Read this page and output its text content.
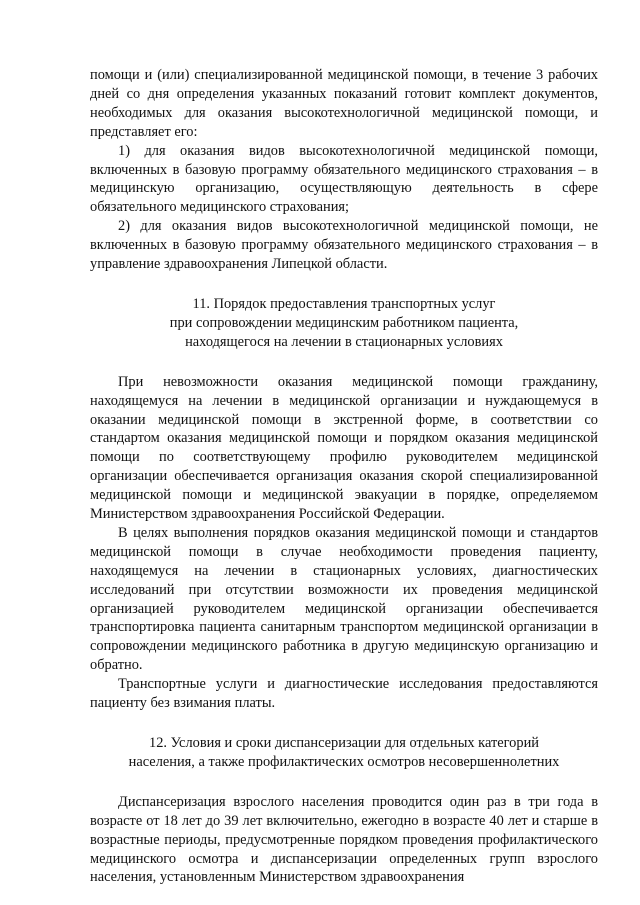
помощи и (или) специализированной медицинской помощи, в течение 3 рабочих дней со дня определения указанных показаний готовит комплект документов, необходимых для оказания высокотехнологичной медицинской помощи, и представляет его:

1) для оказания видов высокотехнологичной медицинской помощи, включенных в базовую программу обязательного медицинского страхования – в медицинскую организацию, осуществляющую деятельность в сфере обязательного медицинского страхования;

2) для оказания видов высокотехнологичной медицинской помощи, не включенных в базовую программу обязательного медицинского страхования – в управление здравоохранения Липецкой области.

11. Порядок предоставления транспортных услуг
при сопровождении медицинским работником пациента,
находящегося на лечении в стационарных условиях

При невозможности оказания медицинской помощи гражданину, находящемуся на лечении в медицинской организации и нуждающемуся в оказании медицинской помощи в экстренной форме, в соответствии со стандартом оказания медицинской помощи и порядком оказания медицинской помощи по соответствующему профилю руководителем медицинской организации обеспечивается организация оказания скорой специализированной медицинской помощи и медицинской эвакуации в порядке, определяемом Министерством здравоохранения Российской Федерации.

В целях выполнения порядков оказания медицинской помощи и стандартов медицинской помощи в случае необходимости проведения пациенту, находящемуся на лечении в стационарных условиях, диагностических исследований при отсутствии возможности их проведения медицинской организацией руководителем медицинской организации обеспечивается транспортировка пациента санитарным транспортом медицинской организации в сопровождении медицинского работника в другую медицинскую организацию и обратно.

Транспортные услуги и диагностические исследования предоставляются пациенту без взимания платы.

12. Условия и сроки диспансеризации для отдельных категорий
населения, а также профилактических осмотров несовершеннолетних

Диспансеризация взрослого населения проводится один раз в три года в возрасте от 18 лет до 39 лет включительно, ежегодно в возрасте 40 лет и старше в возрастные периоды, предусмотренные порядком проведения профилактического медицинского осмотра и диспансеризации определенных групп взрослого населения, установленным Министерством здравоохранения
